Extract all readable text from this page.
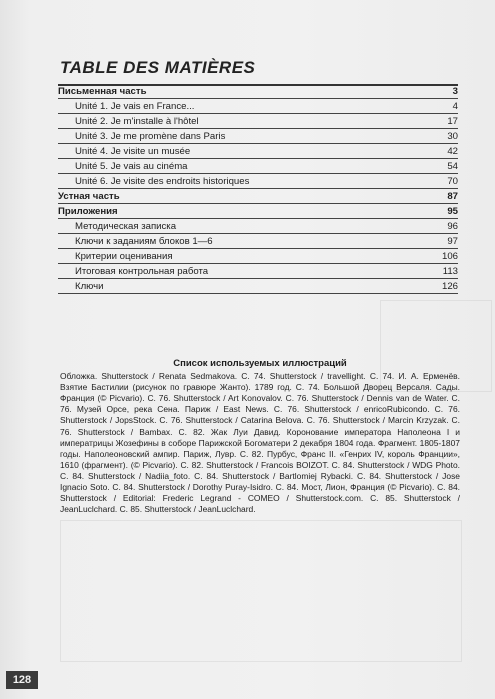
TABLE DES MATIÈRES
Письменная часть	3
Unité 1. Je vais en France...	4
Unité 2. Je m'installe à l'hôtel	17
Unité 3. Je me promène dans Paris	30
Unité 4. Je visite un musée	42
Unité 5. Je vais au cinéma	54
Unité 6. Je visite des endroits historiques	70
Устная часть	87
Приложения	95
Методическая записка	96
Ключи к заданиям блоков 1—6	97
Критерии оценивания	106
Итоговая контрольная работа	113
Ключи	126
Список используемых иллюстраций

Обложка. Shutterstock / Renata Sedmakova. С. 74. Shutterstock / travellight. С. 74. И. А. Ерменёв. Взятие Бастилии (рисунок по гравюре Жанто). 1789 год. С. 74. Большой Дворец Версаля. Сады. Франция (© Picvario). С. 76. Shutterstock / Art Konovalov. С. 76. Shutterstock / Dennis van de Water. С. 76. Музей Орсе, река Сена. Париж / East News. С. 76. Shutterstock / enricoRubicondo. С. 76. Shutterstock / JopsStock. С. 76. Shutterstock / Catarina Belova. С. 76. Shutterstock / Marcin Krzyzak. С. 76. Shutterstock / Bambax. С. 82. Жак Луи Давид. Коронование императора Наполеона I и императрицы Жозефины в соборе Парижской Богоматери 2 декабря 1804 года. Фрагмент. 1805-1807 годы. Наполеоновский ампир. Париж, Лувр. С. 82. Пурбус, Франс II. «Генрих IV, король Франции», 1610 (фрагмент). (© Picvario). С. 82. Shutterstock / Francois BOIZOT. С. 84. Shutterstock / WDG Photo. С. 84. Shutterstock / Nadiia_foto. С. 84. Shutterstock / Bartlomiej Rybacki. С. 84. Shutterstock / Jose Ignacio Soto. С. 84. Shutterstock / Dorothy Puray-Isidro. С. 84. Мост, Лион, Франция (© Picvario). С. 84. Shutterstock / Editorial: Frederic Legrand - COMEO / Shutterstock.com. С. 85. Shutterstock / JeanLuclchard. С. 85. Shutterstock / JeanLuclchard.

128
